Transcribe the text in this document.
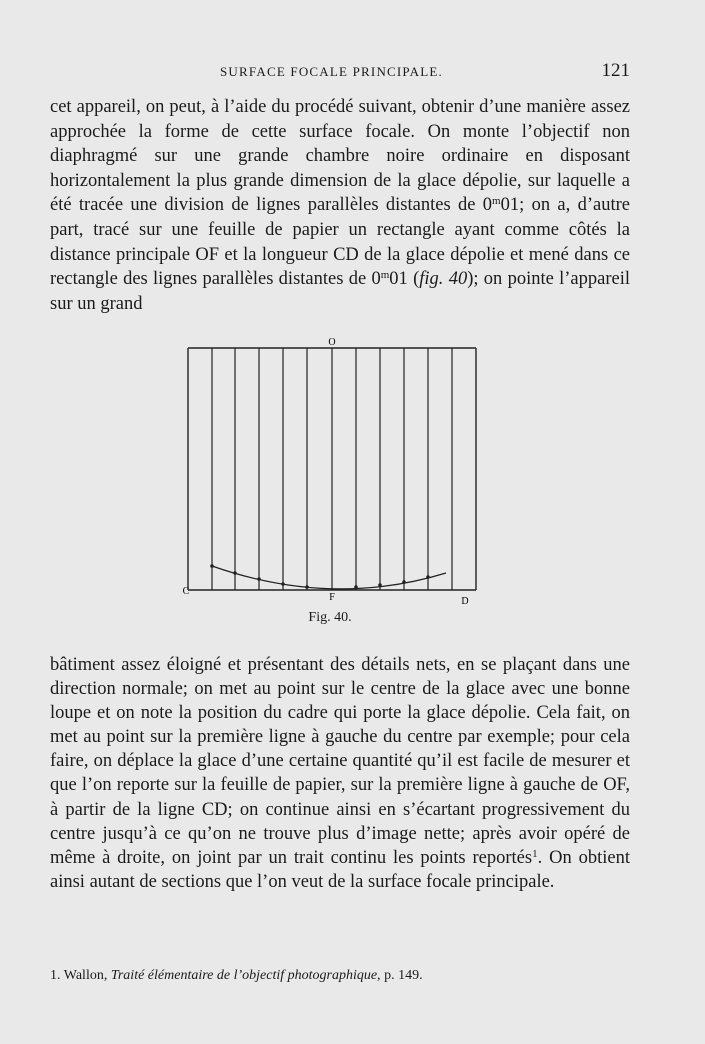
SURFACE FOCALE PRINCIPALE.	121

cet appareil, on peut, à l’aide du procédé suivant, obtenir d’une manière assez approchée la forme de cette surface focale. On monte l’objectif non diaphragmé sur une grande chambre noire ordinaire en disposant horizontalement la plus grande dimension de la glace dépolie, sur laquelle a été tracée une division de lignes parallèles distantes de 0$^m$01; on a, d’autre part, tracé sur une feuille de papier un rectangle ayant comme côtés la distance principale OF et la longueur CD de la glace dépolie et mené dans ce rectangle des lignes parallèles distantes de 0$^m$01 (fig. 40); on pointe l’appareil sur un grand

O
C
F	D
Fig. 40.

bâtiment assez éloigné et présentant des détails nets, en se plaçant dans une direction normale; on met au point sur le centre de la glace avec une bonne loupe et on note la position du cadre qui porte la glace dépolie. Cela fait, on met au point sur la première ligne à gauche du centre par exemple; pour cela faire, on déplace la glace d’une certaine quantité qu’il est facile de mesurer et que l’on reporte sur la feuille de papier, sur la première ligne à gauche de OF, à partir de la ligne CD; on continue ainsi en s’écartant progressivement du centre jusqu’à ce qu’on ne trouve plus d’image nette; après avoir opéré de même à droite, on joint par un trait continu les points reportés$^1$. On obtient ainsi autant de sections que l’on veut de la surface focale principale.

1. Wallon, Traité élémentaire de l’objectif photographique, p. 149.
